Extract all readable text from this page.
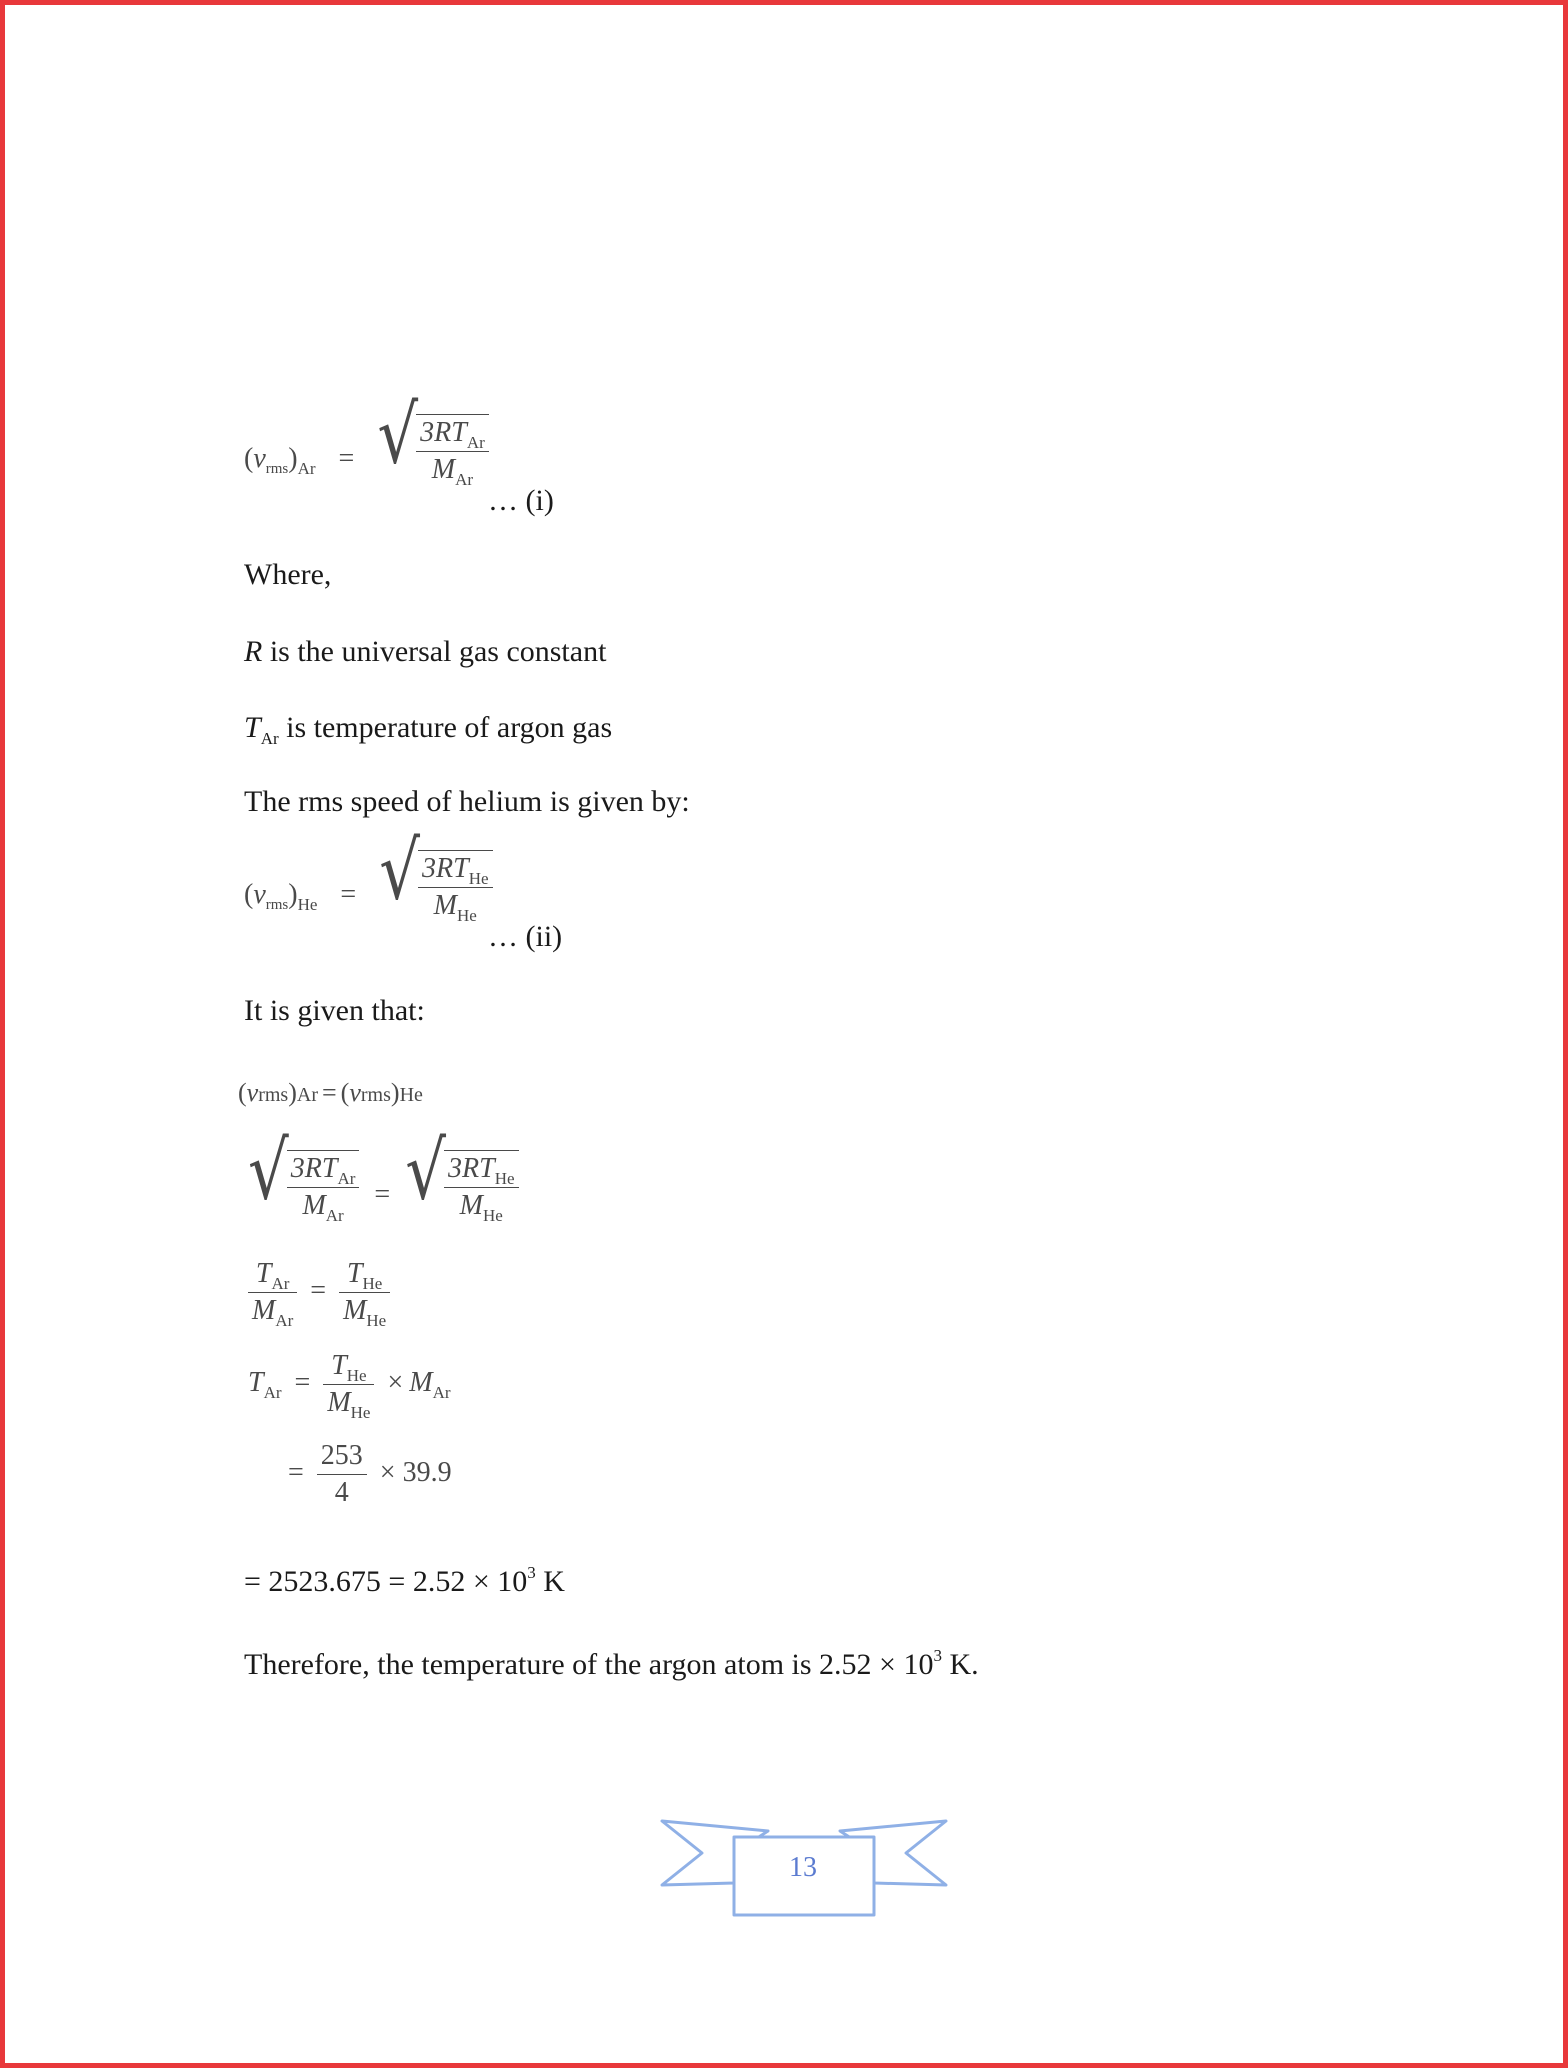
$(v_{rms})_{Ar}$ = √
$\frac{3RT_{Ar}}{M_{Ar}}$
… (i)
Where,
R is the universal gas constant
$T_{Ar}$ is temperature of argon gas
The rms speed of helium is given by:
$(v_{rms})_{He}$ = √
$\frac{3RT_{He}}{M_{He}}$
… (ii)
It is given that:
(vrms)Ar = (vrms)He
√
$\frac{3RT_{Ar}}{M_{Ar}}$ = √
$\frac{3RT_{He}}{M_{He}}$
$\frac{T_{Ar}}{M_{Ar}} = \frac{T_{He}}{M_{He}}$
$T_{Ar} = \frac{T_{He}}{M_{He}} \times M_{Ar}$
= $\frac{253}{4} \times 39.9$
= $2523.675 = 2.52 \times 10^3$ K
Therefore, the temperature of the argon atom is $2.52 \times 10^3$ K.
13
